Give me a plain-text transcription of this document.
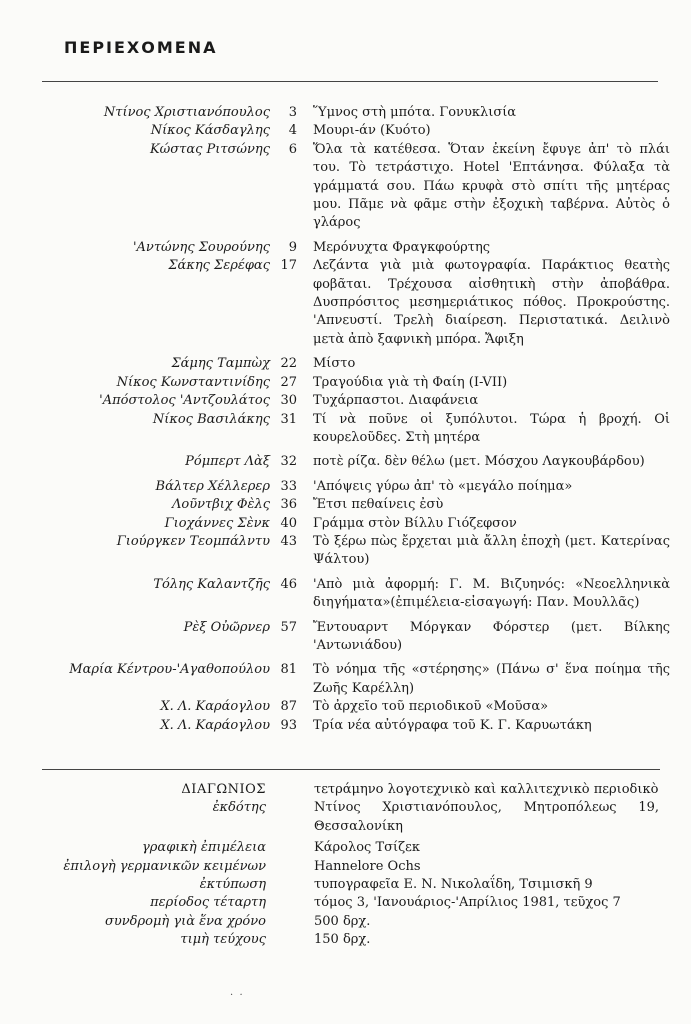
ΠΕΡΙΕΧΟΜΕΝΑ
Ντίνος Χριστιανόπουλος	3 Ὕμνος στὴ μπότα. Γονυκλισία
Νίκος Κάσδαγλης	4 Μουρι-άν (Κυότο)
Κώστας Ριτσώνης	6 Ὅλα τὰ κατέθεσα. Ὅταν ἐκείνη ἔφυγε ἀπ' τὸ πλάι του. Τὸ τετράστιχο. Hotel 'Επτάνησα. Φύλαξα τὰ γράμματά σου. Πάω κρυφὰ στὸ σπίτι τῆς μητέρας μου. Πᾶμε νὰ φᾶμε στὴν ἐξοχικὴ ταβέρνα. Αὐτὸς ὁ γλάρος
'Αντώνης Σουρούνης	9 Μερόνυχτα Φραγκφούρτης
Σάκης Σερέφας 17 Λεζάντα γιὰ μιὰ φωτογραφία. Παράκτιος θεατὴς φοβᾶται. Τρέχουσα αἰσθητικὴ στὴν ἀποβάθρα. Δυσπρόσιτος μεσημεριάτικος πόθος. Προκρούστης. 'Απνευστί. Τρελὴ διαίρεση. Περιστατικά. Δειλινὸ μετὰ ἀπὸ ξαφνικὴ μπόρα. Ἄφιξη
Σάμης Ταμπὼχ 22 Μίστο
Νίκος Κωνσταντινίδης 27 Τραγούδια γιὰ τὴ Φαίη (I-VII)
'Απόστολος 'Αντζουλάτος 30 Τυχάρπαστοι. Διαφάνεια
Νίκος Βασιλάκης 31 Τί νὰ ποῦνε οἱ ξυπόλυτοι. Τώρα ἡ βροχή. Οἱ κουρελοῦδες. Στὴ μητέρα
Ρόμπερτ Λὰξ 32 ποτὲ ρίζα. δὲν θέλω (μετ. Μόσχου Λαγκουβάρδου)
Βάλτερ Χέλλερερ 33 'Απόψεις γύρω ἀπ' τὸ «μεγάλο ποίημα»
Λοῦντβιχ Φὲλς 36 Ἔτσι πεθαίνεις ἐσὺ
Γιοχάννες Σὲνκ 40 Γράμμα στὸν Βίλλυ Γιόζεφσον
Γιούργκεν Τεομπάλντυ 43 Τὸ ξέρω πὼς ἔρχεται μιὰ ἄλλη ἐποχὴ (μετ. Κατερίνας Ψάλτου)
Τόλης Καλαντζῆς 46 'Απὸ μιὰ ἀφορμή: Γ. Μ. Βιζυηνός: «Νεοελληνικὰ διηγήματα»(ἐπιμέλεια-εἰσαγωγή: Παν. Μουλλᾶς)
Ρὲξ Οὐῶρνερ 57 Ἔντουαρντ Μόργκαν Φόρστερ (μετ. Βίλκης 'Αντωνιάδου)
Μαρία Κέντρου-'Αγαθοπούλου 81 Τὸ νόημα τῆς «στέρησης» (Πάνω σ' ἕνα ποίημα τῆς Ζωῆς Καρέλλη)
Χ. Λ. Καράογλου 87 Τὸ ἀρχεῖο τοῦ περιοδικοῦ «Μοῦσα»
Χ. Λ. Καράογλου 93 Τρία νέα αὐτόγραφα τοῦ Κ. Γ. Καρυωτάκη
ΔΙΑΓΩΝΙΟΣ	τετράμηνο λογοτεχνικὸ καὶ καλλιτεχνικὸ περιοδικὸ
ἐκδότης	Ντίνος Χριστιανόπουλος, Μητροπόλεως 19, Θεσσαλονίκη
γραφικὴ ἐπιμέλεια	Κάρολος Τσίζεκ
ἐπιλογὴ γερμανικῶν κειμένων	Hannelore Ochs
ἐκτύπωση	τυπογραφεῖα Ε. Ν. Νικολαΐδη, Τσιμισκῆ 9
περίοδος τέταρτη	τόμος 3, 'Ιανουάριος-'Απρίλιος 1981, τεῦχος 7
συνδρομὴ γιὰ ἕνα χρόνο	500 δρχ.
τιμὴ τεύχους	150 δρχ.
·  ·
